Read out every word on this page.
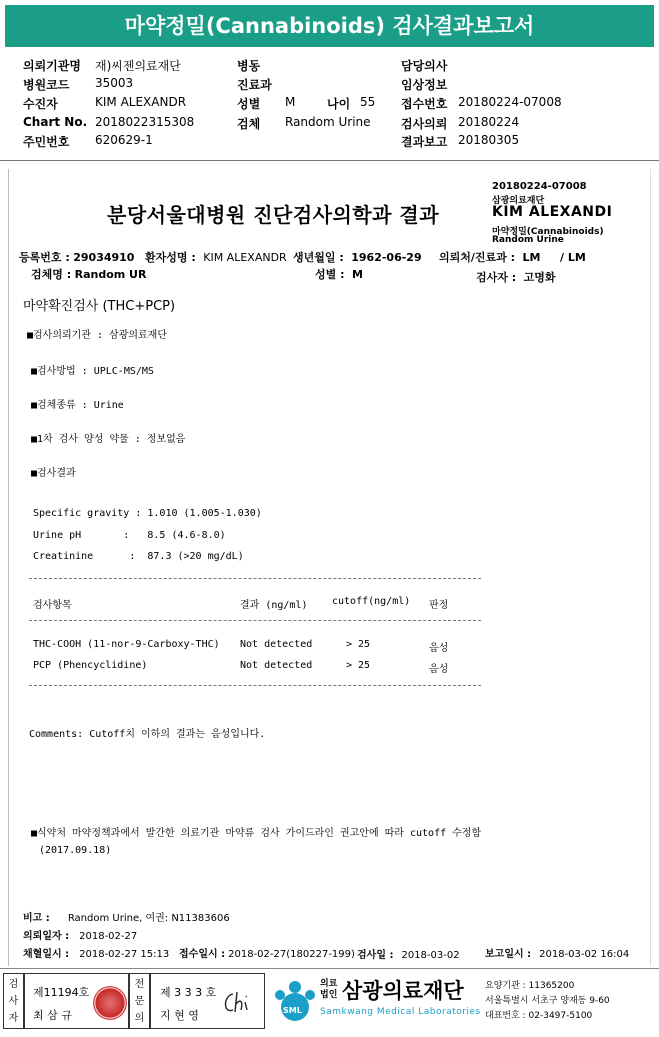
마약정밀(Cannabinoids) 검사결과보고서
의뢰기관명 재)씨젠의료재단
병원코드 35003
수진자	KIM ALEXANDR
Chart No. 2018022315308
주민번호 620629-1
병동
진료과
성별 M	나이 55
검체 Random Urine
담당의사
임상정보
접수번호 20180224-07008
검사의뢰 20180224
결과보고 20180305
분당서울대병원 진단검사의학과 결과
20180224-07008
삼광의료재단
KIM ALEXANDI
마약정밀(Cannabinoids)
Random Urine
등록번호 : 29034910 환자성명 : KIM ALEXANDR 생년월일 : 1962-06-29 의뢰처/진료과 : LM / LM
검체명 : Random UR	성별 : M	검사자 : 고명화
마약확진검사 (THC+PCP)
■검사의뢰기관 : 삼광의료재단
■검사방법 : UPLC-MS/MS
■검체종류 : Urine
■1차 검사 양성 약물 : 정보없음
■검사결과
Specific gravity : 1.010 (1.005-1.030)
Urine pH       :   8.5 (4.6-8.0)
Creatinine      :  87.3 (>20 mg/dL)
검사항목	결과 (ng/ml) cutoff(ng/ml) 판정
THC-COOH (11-nor-9-Carboxy-THC) Not detected	> 25	음성
PCP (Phencyclidine)	Not detected	> 25	음성
Comments: Cutoff치 이하의 결과는 음성입니다.
■식약처 마약정책과에서 발간한 의료기관 마약류 검사 가이드라인 권고안에 따라 cutoff 수정함
(2017.09.18)
비고 : Random Urine, 여권: N11383606
의뢰일자 : 2018-02-27
채혈일시 : 2018-02-27 15:13 접수일시 : 2018-02-27(180227-199) 검사일 : 2018-03-02	보고일시 : 2018-03-02 16:04
검사자
제11194호
최 삼 규
전문의
제 3 3 3 호
지 현 영	SML
의료법인 삼광의료재단
Samkwang Medical Laboratories
요양기관 : 11365200
서울특별시 서초구 양재동 9-60
대표번호 : 02-3497-5100
